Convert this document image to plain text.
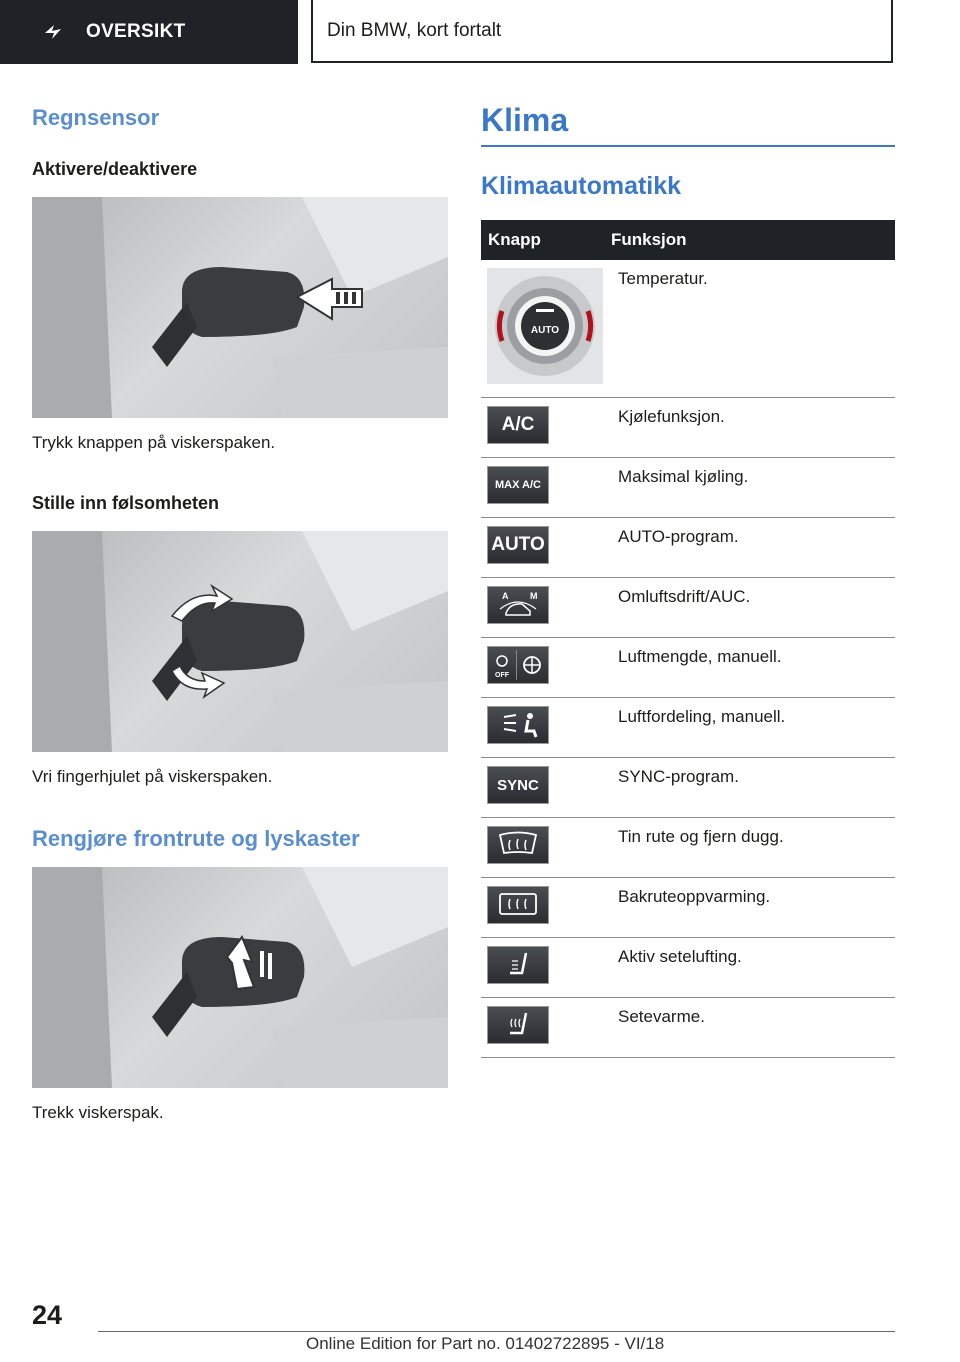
OVERSIKT	Din BMW, kort fortalt
Regnsensor
Aktivere/deaktivere

Trykk knappen på viskerspaken.

Stille inn følsomheten

Vri fingerhjulet på viskerspaken.

Rengjøre frontrute og lyskaster

Trekk viskerspak.

Klima
Klimaautomatikk
Knapp	Funksjon

AUTO	Temperatur.

A/C	Kjølefunksjon.

MAX A/C	Maksimal kjøling.

AUTO	AUTO-program.

A M	Omluftsdrift/AUC.

OFF	Luftmengde, manuell.

	Luftfordeling, manuell.

SYNC	SYNC-program.

	Tin rute og fjern dugg.

	Bakruteoppvarming.

	Aktiv setelufting.

	Setevarme.

24

Online Edition for Part no. 01402722895 - VI/18
